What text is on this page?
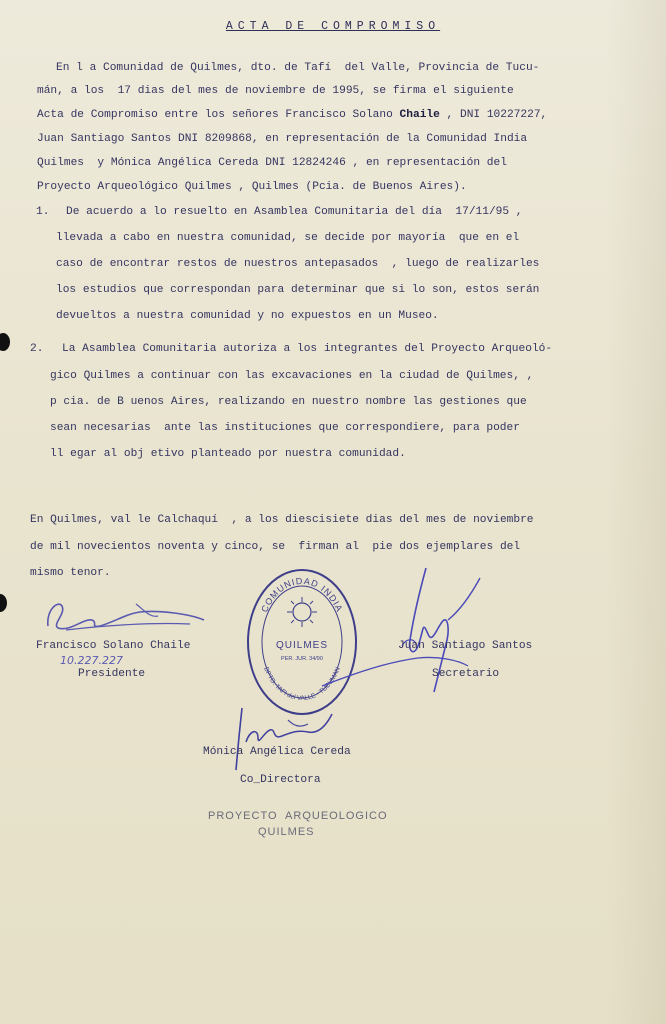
ACTA DE COMPROMISO
En l a Comunidad de Quilmes, dto. de Tafí  del Valle, Provincia de Tucu-
mán, a los  17 dias del mes de noviembre de 1995, se firma el siguiente
Acta de Compromiso entre los señores Francisco Solano Chaile , DNI 10227227,
Juan Santiago Santos DNI 8209868, en representación de la Comunidad India
Quilmes  y Mónica Angélica Cereda DNI 12824246 , en representación del
Proyecto Arqueológico Quilmes , Quilmes (Pcia. de Buenos Aires).
1. De acuerdo a lo resuelto en Asamblea Comunitaria del día  17/11/95 ,
llevada a cabo en nuestra comunidad, se decide por mayoría  que en el
caso de encontrar restos de nuestros antepasados  , luego de realizarles
los estudios que correspondan para determinar que si lo son, estos serán
devueltos a nuestra comunidad y no expuestos en un Museo.
2. La Asamblea Comunitaria autoriza a los integrantes del Proyecto Arqueoló-
gico Quilmes a continuar con las excavaciones en la ciudad de Quilmes, ,
p cia. de B uenos Aires, realizando en nuestro nombre las gestiones que
sean necesarias  ante las instituciones que correspondiere, para poder
ll egar al obj etivo planteado por nuestra comunidad.
En Quilmes, val le Calchaquí  , a los diescisiete dias del mes de noviembre
de mil novecientos noventa y cinco, se  firman al  pie dos ejemplares del
mismo tenor.
Francisco Solano Chaile
10.227.227
Presidente
COMUNIDAD INDIA
QUILMES
PER. JUR. 34/90
DPTO. TAFI del VALLE - TUCUMAN
Juan Santiago Santos
Secretario
Mónica Angélica Cereda
Co_Directora
PROYECTO  ARQUEOLOGICO
QUILMES
